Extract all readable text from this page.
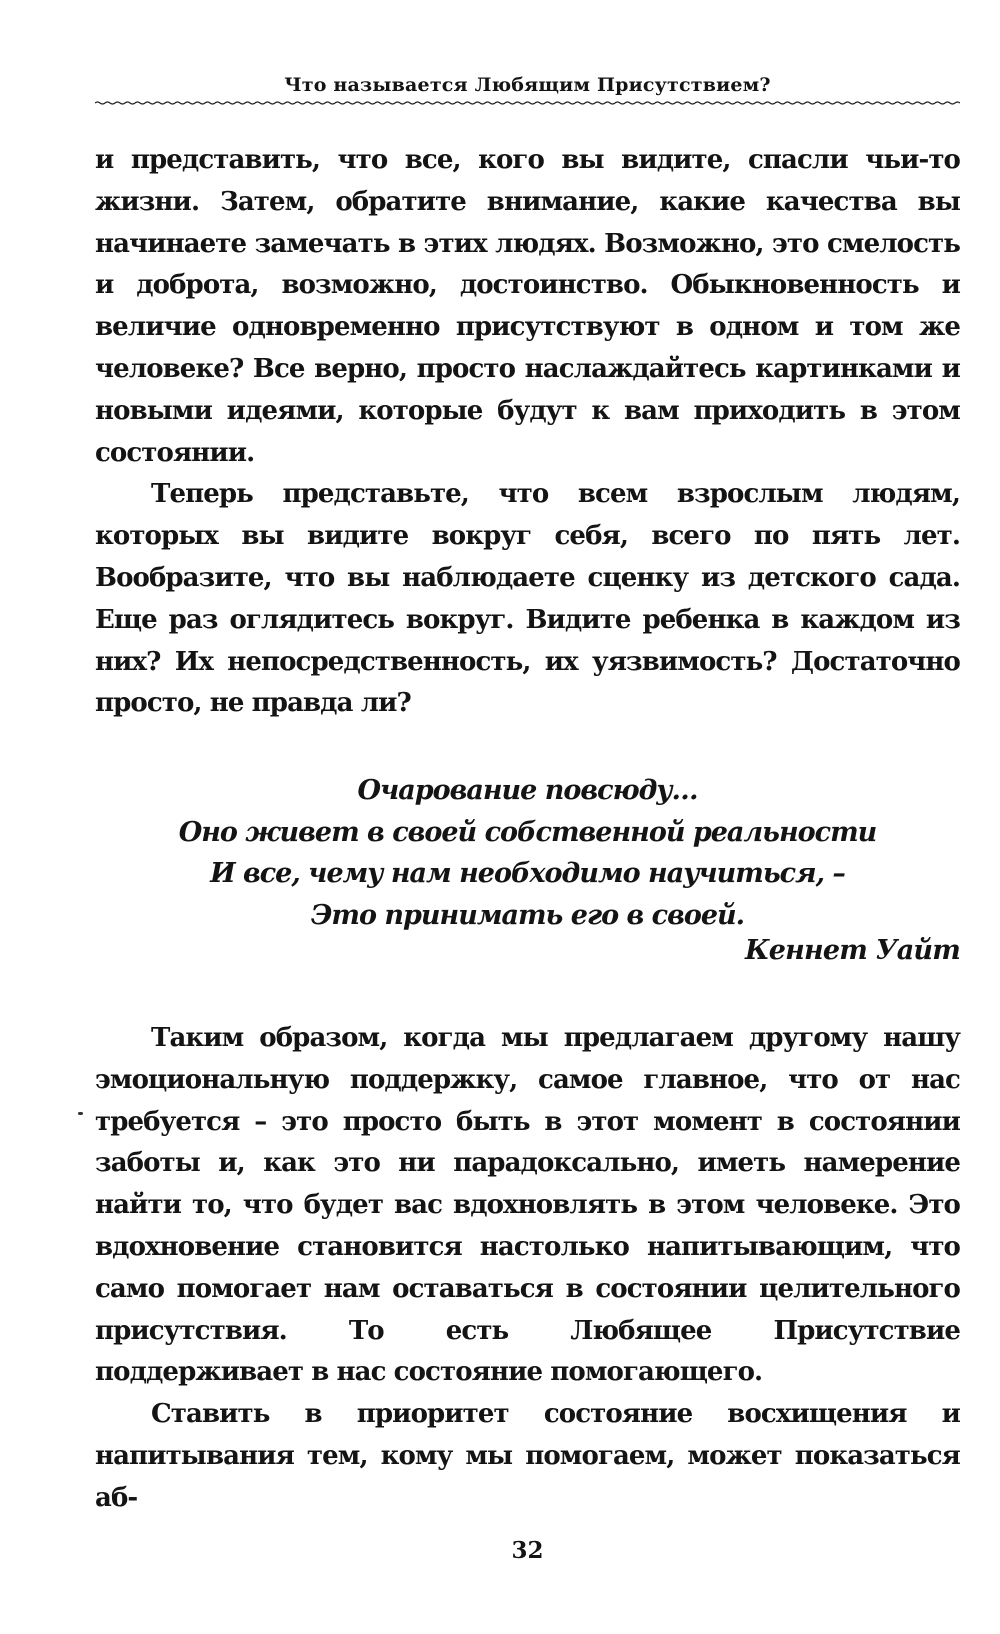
Что называется Любящим Присутствием?

и представить, что все, кого вы видите, спасли чьи-то жизни. Затем, обратите внимание, какие качества вы начинаете замечать в этих людях. Возможно, это смелость и доброта, возможно, достоинство. Обыкновенность и величие одновременно присутствуют в одном и том же человеке? Все верно, просто наслаждайтесь картинками и новыми идеями, которые будут к вам приходить в этом состоянии.

Теперь представьте, что всем взрослым людям, которых вы видите вокруг себя, всего по пять лет. Вообразите, что вы наблюдаете сценку из детского сада. Еще раз оглядитесь вокруг. Видите ребенка в каждом из них? Их непосредственность, их уязвимость? Достаточно просто, не правда ли?

Очарование повсюду…
Оно живет в своей собственной реальности
И все, чему нам необходимо научиться, –
Это принимать его в своей.
Кеннет Уайт

Таким образом, когда мы предлагаем другому нашу эмоциональную поддержку, самое главное, что от нас требуется – это просто быть в этот момент в состоянии заботы и, как это ни парадоксально, иметь намерение найти то, что будет вас вдохновлять в этом человеке. Это вдохновение становится настолько напитывающим, что само помогает нам оставаться в состоянии целительного присутствия. То есть Любящее Присутствие поддерживает в нас состояние помогающего.

Ставить в приоритет состояние восхищения и напитывания тем, кому мы помогаем, может показаться аб-

32
